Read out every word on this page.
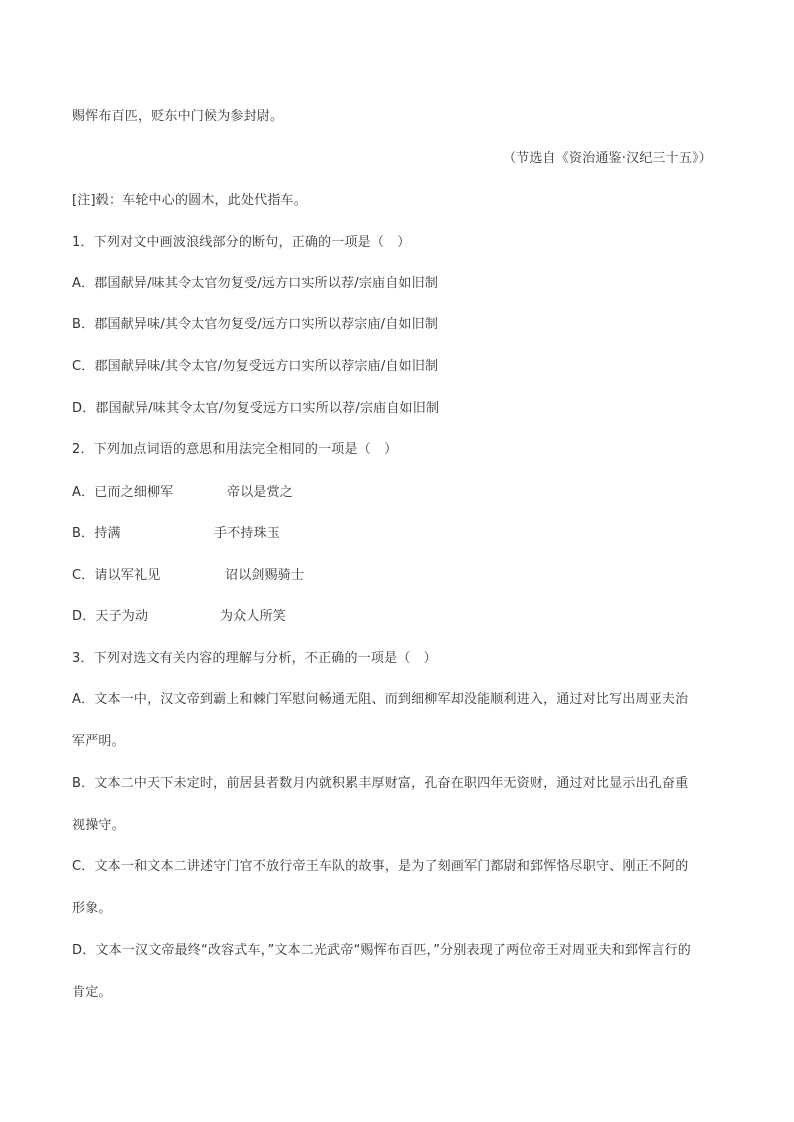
赐恽布百匹，贬东中门候为参封尉。

（节选自《资治通鉴·汉纪三十五》）

[注]毂：车轮中心的圆木，此处代指车。

1．下列对文中画波浪线部分的断句，正确的一项是（　）

A．郡国献异/味其令太官勿复受/远方口实所以荐/宗庙自如旧制

B．郡国献异味/其令太官勿复受/远方口实所以荐宗庙/自如旧制

C．郡国献异味/其令太官/勿复受远方口实所以荐宗庙/自如旧制

D．郡国献异/味其令太官/勿复受远方口实所以荐/宗庙自如旧制

2．下列加点词语的意思和用法完全相同的一项是（　）

A．已而之细柳军	帝以是赏之
B．持满	手不持珠玉
C．请以军礼见	诏以剑赐骑士
D．天子为动	为众人所笑

3．下列对选文有关内容的理解与分析，不正确的一项是（　）

A．文本一中，汉文帝到霸上和棘门军慰问畅通无阻、而到细柳军却没能顺利进入，通过对比写出周亚夫治

军严明。

B．文本二中天下未定时，前居县者数月内就积累丰厚财富，孔奋在职四年无资财，通过对比显示出孔奋重

视操守。

C．文本一和文本二讲述守门官不放行帝王车队的故事，是为了刻画军门都尉和郅恽恪尽职守、刚正不阿的

形象。

D．文本一汉文帝最终“改容式车，”文本二光武帝“赐恽布百匹，”分别表现了两位帝王对周亚夫和郅恽言行的

肯定。
